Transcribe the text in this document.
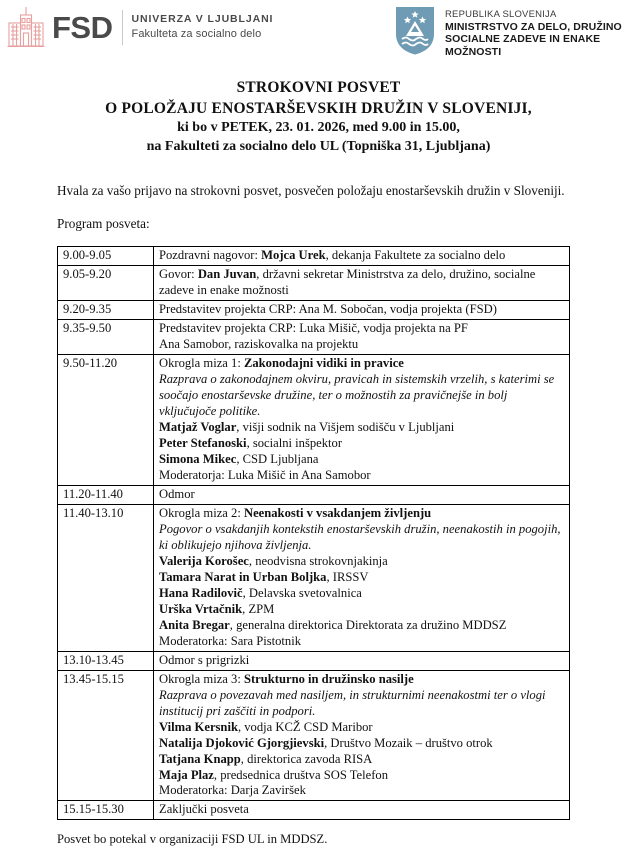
FSD UNIVERZA V LJUBLJANI
Fakulteta za socialno delo
REPUBLIKA SLOVENIJA
MINISTRSTVO ZA DELO, DRUŽINO
SOCIALNE ZADEVE IN ENAKE MOŽNOSTI
STROKOVNI POSVET
O POLOŽAJU ENOSTARŠEVSKIH DRUŽIN V SLOVENIJI,
ki bo v PETEK, 23. 01. 2026, med 9.00 in 15.00,
na Fakulteti za socialno delo UL (Topniška 31, Ljubljana)

Hvala za vašo prijavo na strokovni posvet, posvečen položaju enostarševskih družin v Sloveniji.

Program posveta:

9.00-9.05	Pozdravni nagovor: Mojca Urek, dekanja Fakultete za socialno delo

9.05-9.20	Govor: Dan Juvan, državni sekretar Ministrstva za delo, družino, socialne zadeve in enake možnosti

9.20-9.35	Predstavitev projekta CRP: Ana M. Sobočan, vodja projekta (FSD)

9.35-9.50	Predstavitev projekta CRP: Luka Mišič, vodja projekta na PF
Ana Samobor, raziskovalka na projektu

9.50-11.20	Okrogla miza 1: Zakonodajni vidiki in pravice
Razprava o zakonodajnem okviru, pravicah in sistemskih vrzelih, s katerimi se soočajo enostarševske družine, ter o možnostih za pravičnejše in bolj vključujoče politike.
Matjaž Voglar, višji sodnik na Višjem sodišču v Ljubljani
Peter Stefanoski, socialni inšpektor
Simona Mikec, CSD Ljubljana
Moderatorja: Luka Mišič in Ana Samobor

11.20-11.40	Odmor

11.40-13.10	Okrogla miza 2: Neenakosti v vsakdanjem življenju
Pogovor o vsakdanjih kontekstih enostarševskih družin, neenakostih in pogojih, ki oblikujejo njihova življenja.
Valerija Korošec, neodvisna strokovnjakinja
Tamara Narat in Urban Boljka, IRSSV
Hana Radilovič, Delavska svetovalnica
Urška Vrtačnik, ZPM
Anita Bregar, generalna direktorica Direktorata za družino MDDSZ
Moderatorka: Sara Pistotnik

13.10-13.45	Odmor s prigrizki

13.45-15.15	Okrogla miza 3: Strukturno in družinsko nasilje
Razprava o povezavah med nasiljem, in strukturnimi neenakostmi ter o vlogi institucij pri zaščiti in podpori.
Vilma Kersnik, vodja KCŽ CSD Maribor
Natalija Djoković Gjorgjievski, Društvo Mozaik – društvo otrok
Tatjana Knapp, direktorica zavoda RISA
Maja Plaz, predsednica društva SOS Telefon
Moderatorka: Darja Zaviršek

15.15-15.30	Zaključki posveta

Posvet bo potekal v organizaciji FSD UL in MDDSZ.
